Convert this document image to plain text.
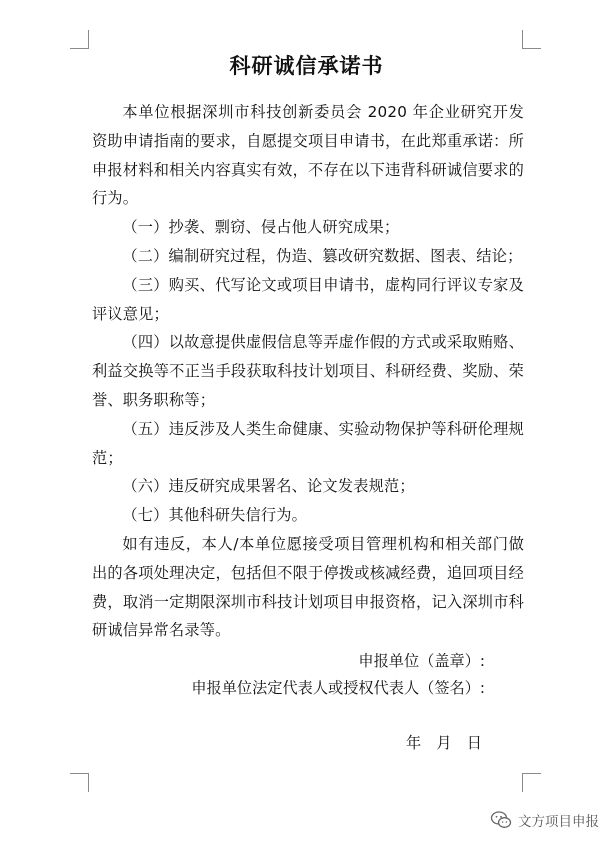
科研诚信承诺书

本单位根据深圳市科技创新委员会 2020 年企业研究开发资助申请指南的要求，自愿提交项目申请书，在此郑重承诺：所申报材料和相关内容真实有效，不存在以下违背科研诚信要求的行为。

（一）抄袭、剽窃、侵占他人研究成果；

（二）编制研究过程，伪造、篡改研究数据、图表、结论；

（三）购买、代写论文或项目申请书，虚构同行评议专家及评议意见；

（四）以故意提供虚假信息等弄虚作假的方式或采取贿赂、利益交换等不正当手段获取科技计划项目、科研经费、奖励、荣誉、职务职称等；

（五）违反涉及人类生命健康、实验动物保护等科研伦理规范；

（六）违反研究成果署名、论文发表规范；

（七）其他科研失信行为。

如有违反，本人/本单位愿接受项目管理机构和相关部门做出的各项处理决定，包括但不限于停拨或核减经费，追回项目经费，取消一定期限深圳市科技计划项目申报资格，记入深圳市科研诚信异常名录等。

申报单位（盖章）:
申报单位法定代表人或授权代表人（签名）:
年　月　日
文方项目申报
